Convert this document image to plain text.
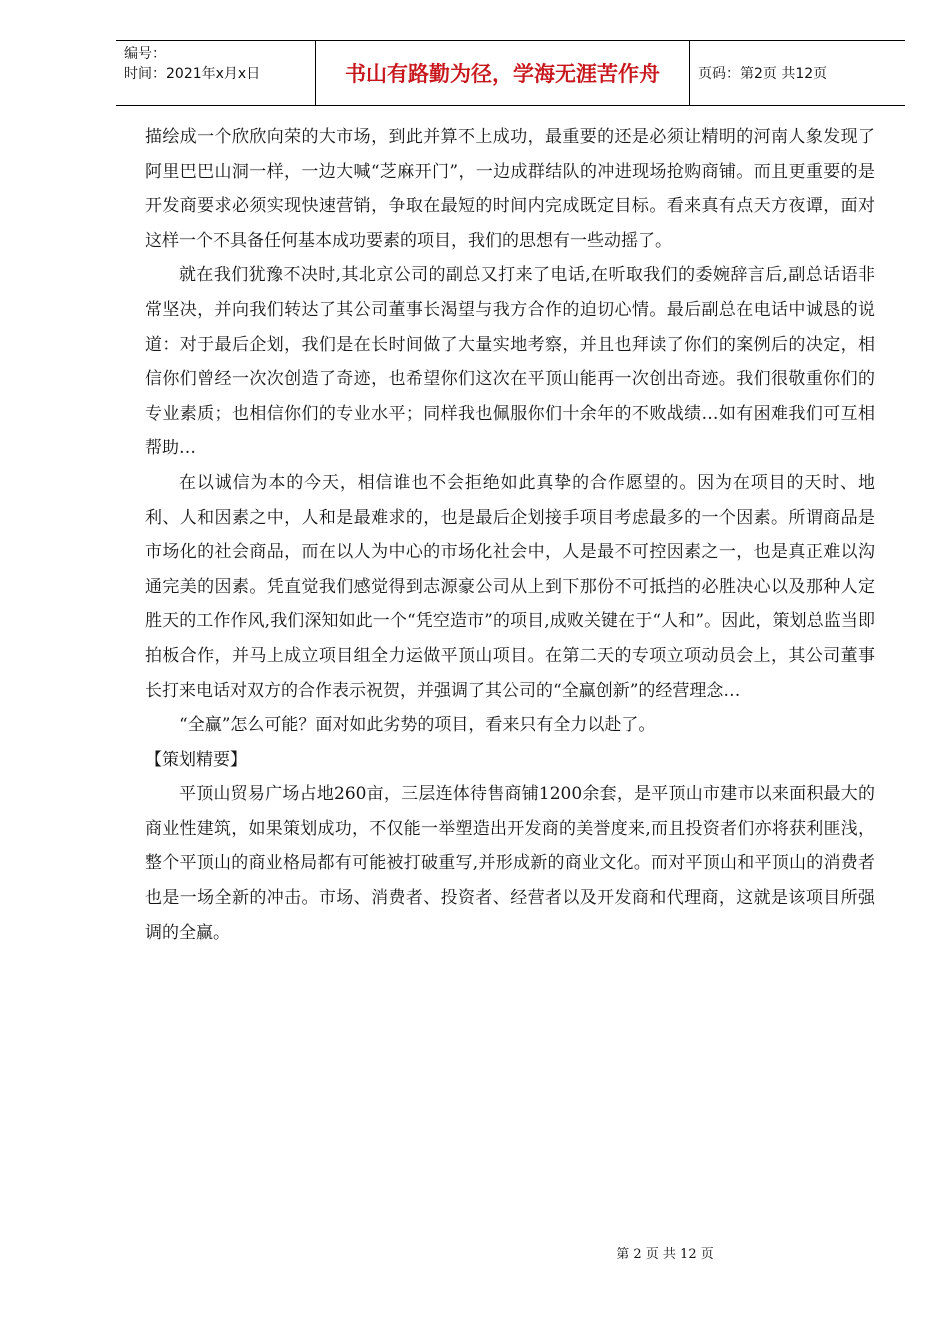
编号：
时间：2021年x月x日	书山有路勤为径，学海无涯苦作舟	页码：第2页 共12页

描绘成一个欣欣向荣的大市场，到此并算不上成功，最重要的还是必须让精明的河南人象发现了阿里巴巴山洞一样，一边大喊“芝麻开门”，一边成群结队的冲进现场抢购商铺。而且更重要的是开发商要求必须实现快速营销，争取在最短的时间内完成既定目标。看来真有点天方夜谭，面对这样一个不具备任何基本成功要素的项目，我们的思想有一些动摇了。

就在我们犹豫不决时,其北京公司的副总又打来了电话,在听取我们的委婉辞言后,副总话语非常坚决，并向我们转达了其公司董事长渴望与我方合作的迫切心情。最后副总在电话中诚恳的说道：对于最后企划，我们是在长时间做了大量实地考察，并且也拜读了你们的案例后的决定，相信你们曾经一次次创造了奇迹，也希望你们这次在平顶山能再一次创出奇迹。我们很敬重你们的专业素质；也相信你们的专业水平；同样我也佩服你们十余年的不败战绩…如有困难我们可互相帮助…

在以诚信为本的今天，相信谁也不会拒绝如此真挚的合作愿望的。因为在项目的天时、地利、人和因素之中，人和是最难求的，也是最后企划接手项目考虑最多的一个因素。所谓商品是市场化的社会商品，而在以人为中心的市场化社会中，人是最不可控因素之一，也是真正难以沟通完美的因素。凭直觉我们感觉得到志源豪公司从上到下那份不可抵挡的必胜决心以及那种人定胜天的工作作风,我们深知如此一个“凭空造市”的项目,成败关键在于“人和”。因此，策划总监当即拍板合作，并马上成立项目组全力运做平顶山项目。在第二天的专项立项动员会上，其公司董事长打来电话对双方的合作表示祝贺，并强调了其公司的“全赢创新”的经营理念…

“全赢”怎么可能？面对如此劣势的项目，看来只有全力以赴了。

【策划精要】

平顶山贸易广场占地260亩，三层连体待售商铺1200余套，是平顶山市建市以来面积最大的商业性建筑，如果策划成功，不仅能一举塑造出开发商的美誉度来,而且投资者们亦将获利匪浅，整个平顶山的商业格局都有可能被打破重写,并形成新的商业文化。而对平顶山和平顶山的消费者也是一场全新的冲击。市场、消费者、投资者、经营者以及开发商和代理商，这就是该项目所强调的全赢。

第 2 页 共 12 页
